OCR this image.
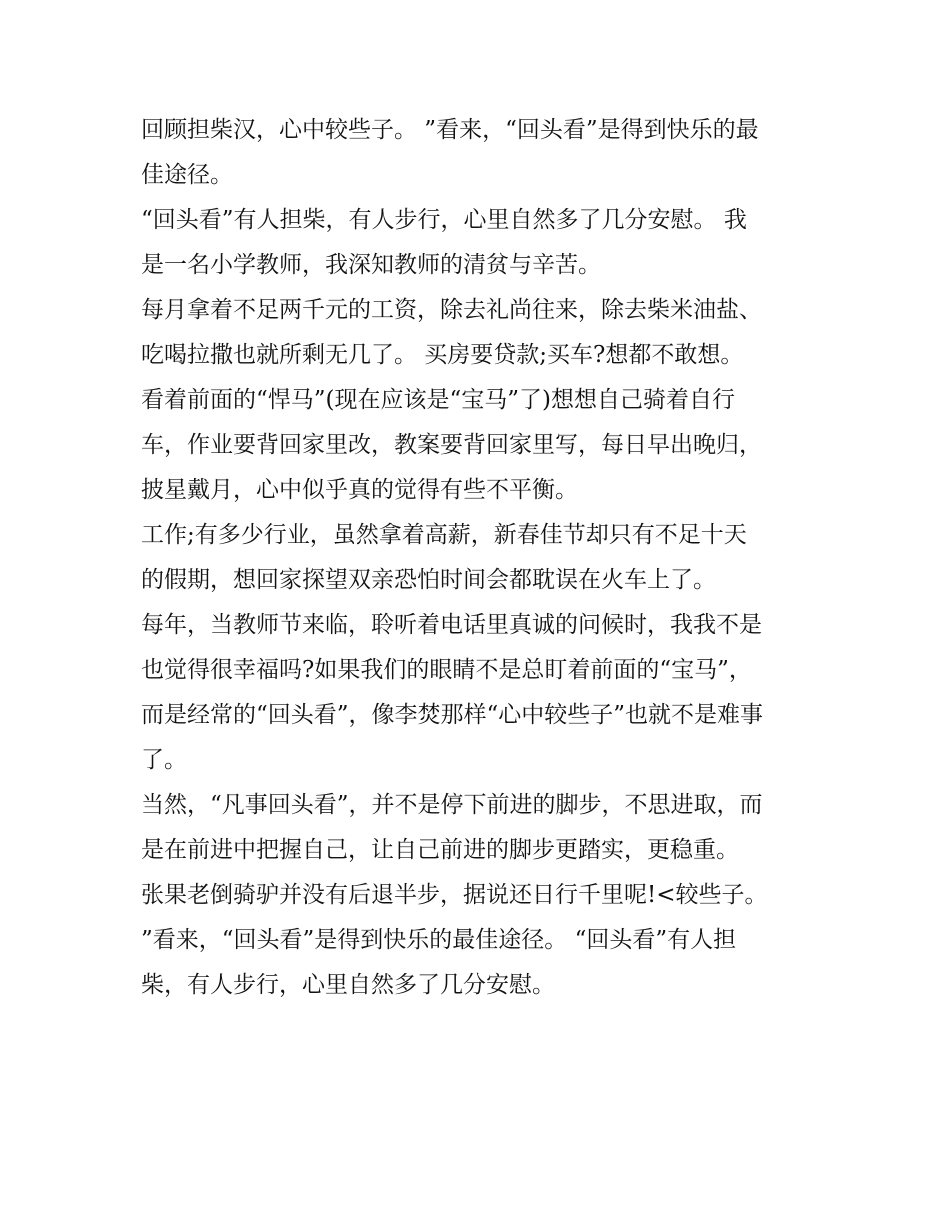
回顾担柴汉，心中较些子。 ”看来，“回头看”是得到快乐的最
佳途径。
“回头看”有人担柴，有人步行，心里自然多了几分安慰。 我
是一名小学教师，我深知教师的清贫与辛苦。
每月拿着不足两千元的工资，除去礼尚往来，除去柴米油盐、
吃喝拉撒也就所剩无几了。 买房要贷款;买车?想都不敢想。
看着前面的“悍马”(现在应该是“宝马”了)想想自己骑着自行
车，作业要背回家里改，教案要背回家里写，每日早出晚归，
披星戴月，心中似乎真的觉得有些不平衡。
工作;有多少行业，虽然拿着高薪，新春佳节却只有不足十天
的假期，想回家探望双亲恐怕时间会都耽误在火车上了。
每年，当教师节来临，聆听着电话里真诚的问候时，我我不是
也觉得很幸福吗?如果我们的眼睛不是总盯着前面的“宝马”，
而是经常的“回头看”，像李焚那样“心中较些子”也就不是难事
了。
当然，“凡事回头看”，并不是停下前进的脚步，不思进取，而
是在前进中把握自己，让自己前进的脚步更踏实，更稳重。
张果老倒骑驴并没有后退半步，据说还日行千里呢!<较些子。
”看来，“回头看”是得到快乐的最佳途径。 “回头看”有人担
柴，有人步行，心里自然多了几分安慰。
